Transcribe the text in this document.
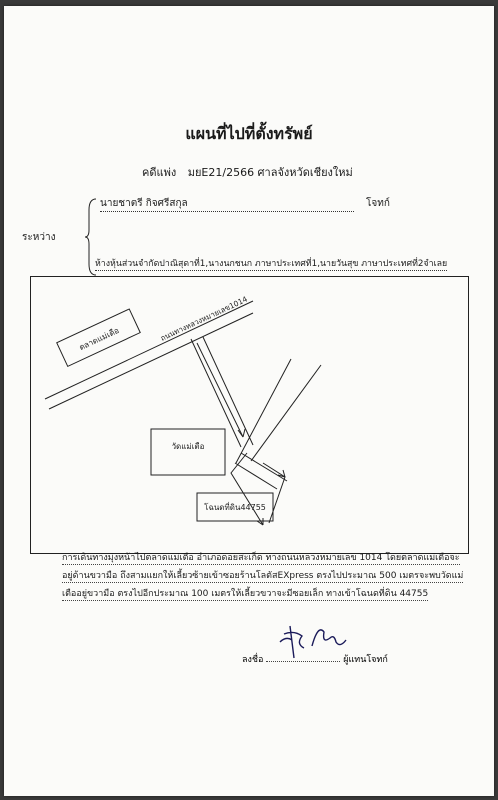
แผนที่ไปที่ตั้งทรัพย์
คดีแพ่ง มยE21/2566 ศาลจังหวัดเชียงใหม่
ระหว่าง
นายชาตรี กิจศรีสกุล	โจทก์
ห้างหุ้นส่วนจำกัดปาณิสุดาที่1,นางนกชนก ภาษาประเทศที่1,นายวันสุข ภาษาประเทศที่2จำเลย
ถนนทางหลวงหมายเลข1014
ตลาดแม่เตือ
วัดแม่เตือ
โฉนดที่ดิน44755
การเดินทางมุ่งหน้าไปตลาดแม่เตือ อำเภอดอยสะเก็ด ทางถนนหลวงหมายเลข 1014 โดยตลาดแม่เตือจะ
อยู่ด้านขวามือ ถึงสามแยกให้เลี้ยวซ้ายเข้าซอยร้านโลตัสEXpress ตรงไปประมาณ 500 เมตรจะพบวัดแม่
เตืออยู่ขวามือ ตรงไปอีกประมาณ 100 เมตรให้เลี้ยวขวาจะมีซอยเล็ก ทางเข้าโฉนดที่ดิน 44755
ลงชื่อ	ผู้แทนโจทก์
